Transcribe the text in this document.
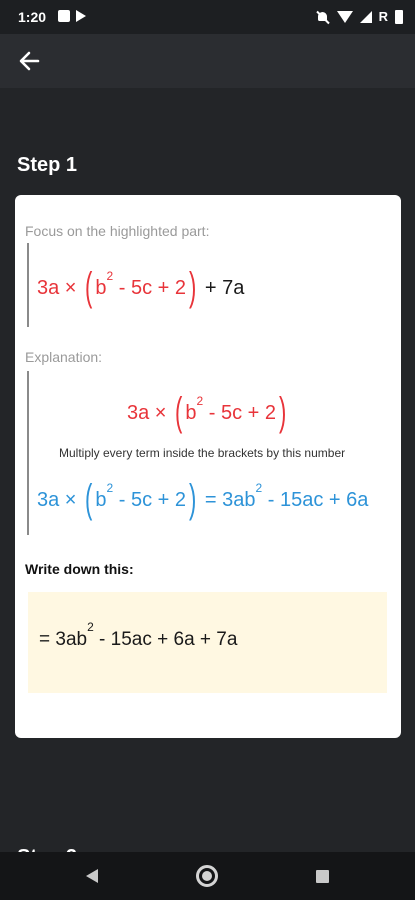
1:20	R
Step 1
Focus on the highlighted part:
3a × ( $b^2 - 5c + 2) + 7a$
Explanation:
3a × ( $b^2 - 5c + 2$)
Multiply every term inside the brackets by this number
3a × ( $b^2 - 5c + 2) = 3ab^2 - 15ac + 6a$
Write down this:
= $3ab^2 - 15ac + 6a + 7a$
